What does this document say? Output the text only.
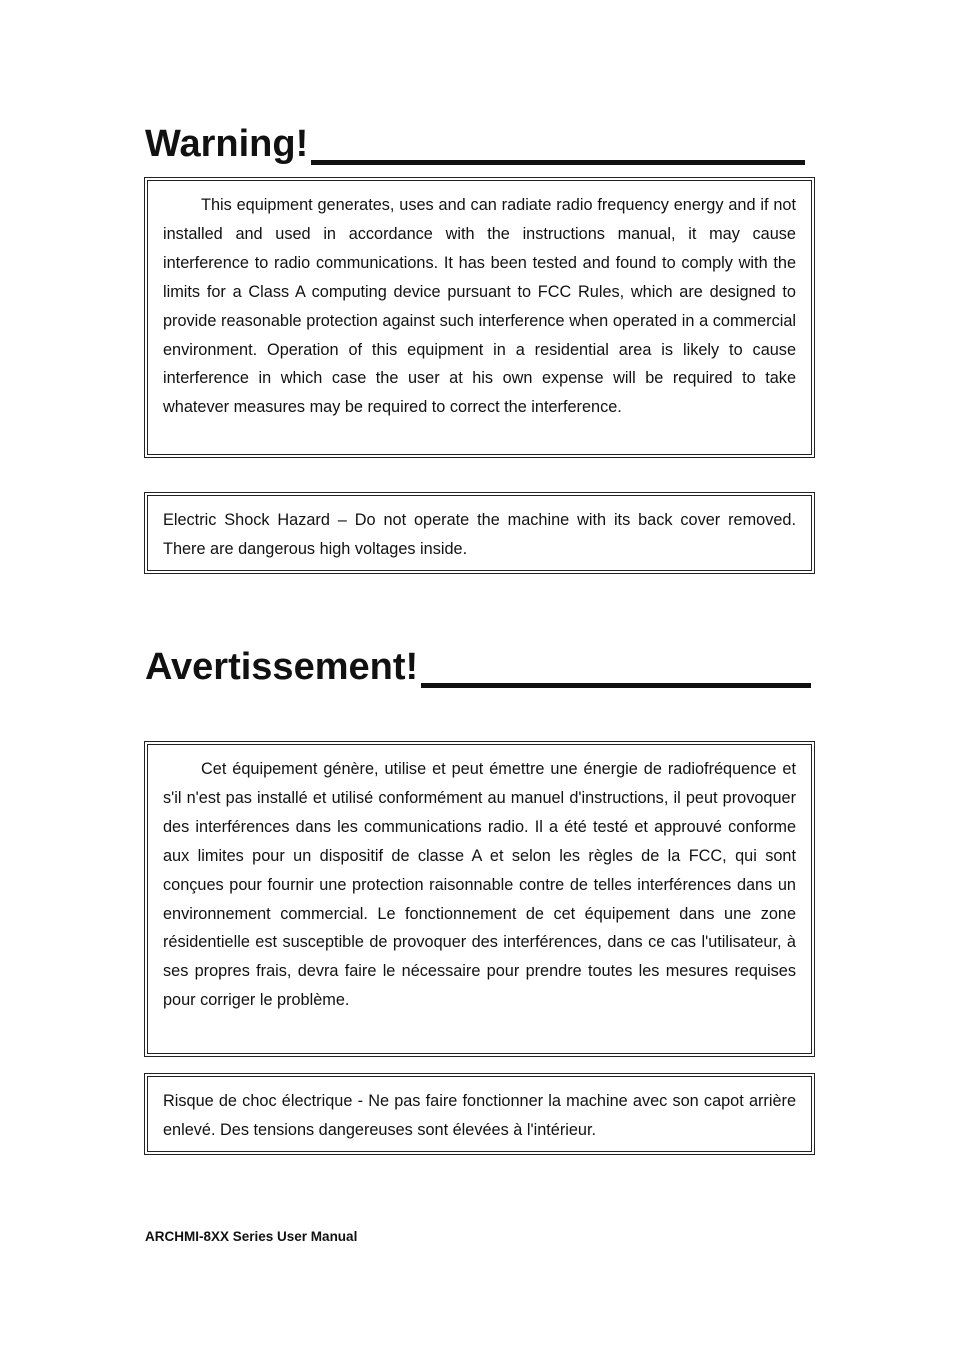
Warning!

This equipment generates, uses and can radiate radio frequency energy and if not installed and used in accordance with the instructions manual, it may cause interference to radio communications. It has been tested and found to comply with the limits for a Class A computing device pursuant to FCC Rules, which are designed to provide reasonable protection against such interference when operated in a commercial environment. Operation of this equipment in a residential area is likely to cause interference in which case the user at his own expense will be required to take whatever measures may be required to correct the interference.

Electric Shock Hazard – Do not operate the machine with its back cover removed. There are dangerous high voltages inside.

Avertissement!

Cet équipement génère, utilise et peut émettre une énergie de radiofréquence et s'il n'est pas installé et utilisé conformément au manuel d'instructions, il peut provoquer des interférences dans les communications radio. Il a été testé et approuvé conforme aux limites pour un dispositif de classe A et selon les règles de la FCC, qui sont conçues pour fournir une protection raisonnable contre de telles interférences dans un environnement commercial. Le fonctionnement de cet équipement dans une zone résidentielle est susceptible de provoquer des interférences, dans ce cas l'utilisateur, à ses propres frais, devra faire le nécessaire pour prendre toutes les mesures requises pour corriger le problème.

Risque de choc électrique - Ne pas faire fonctionner la machine avec son capot arrière enlevé. Des tensions dangereuses sont élevées à l'intérieur.

ARCHMI-8XX Series User Manual
